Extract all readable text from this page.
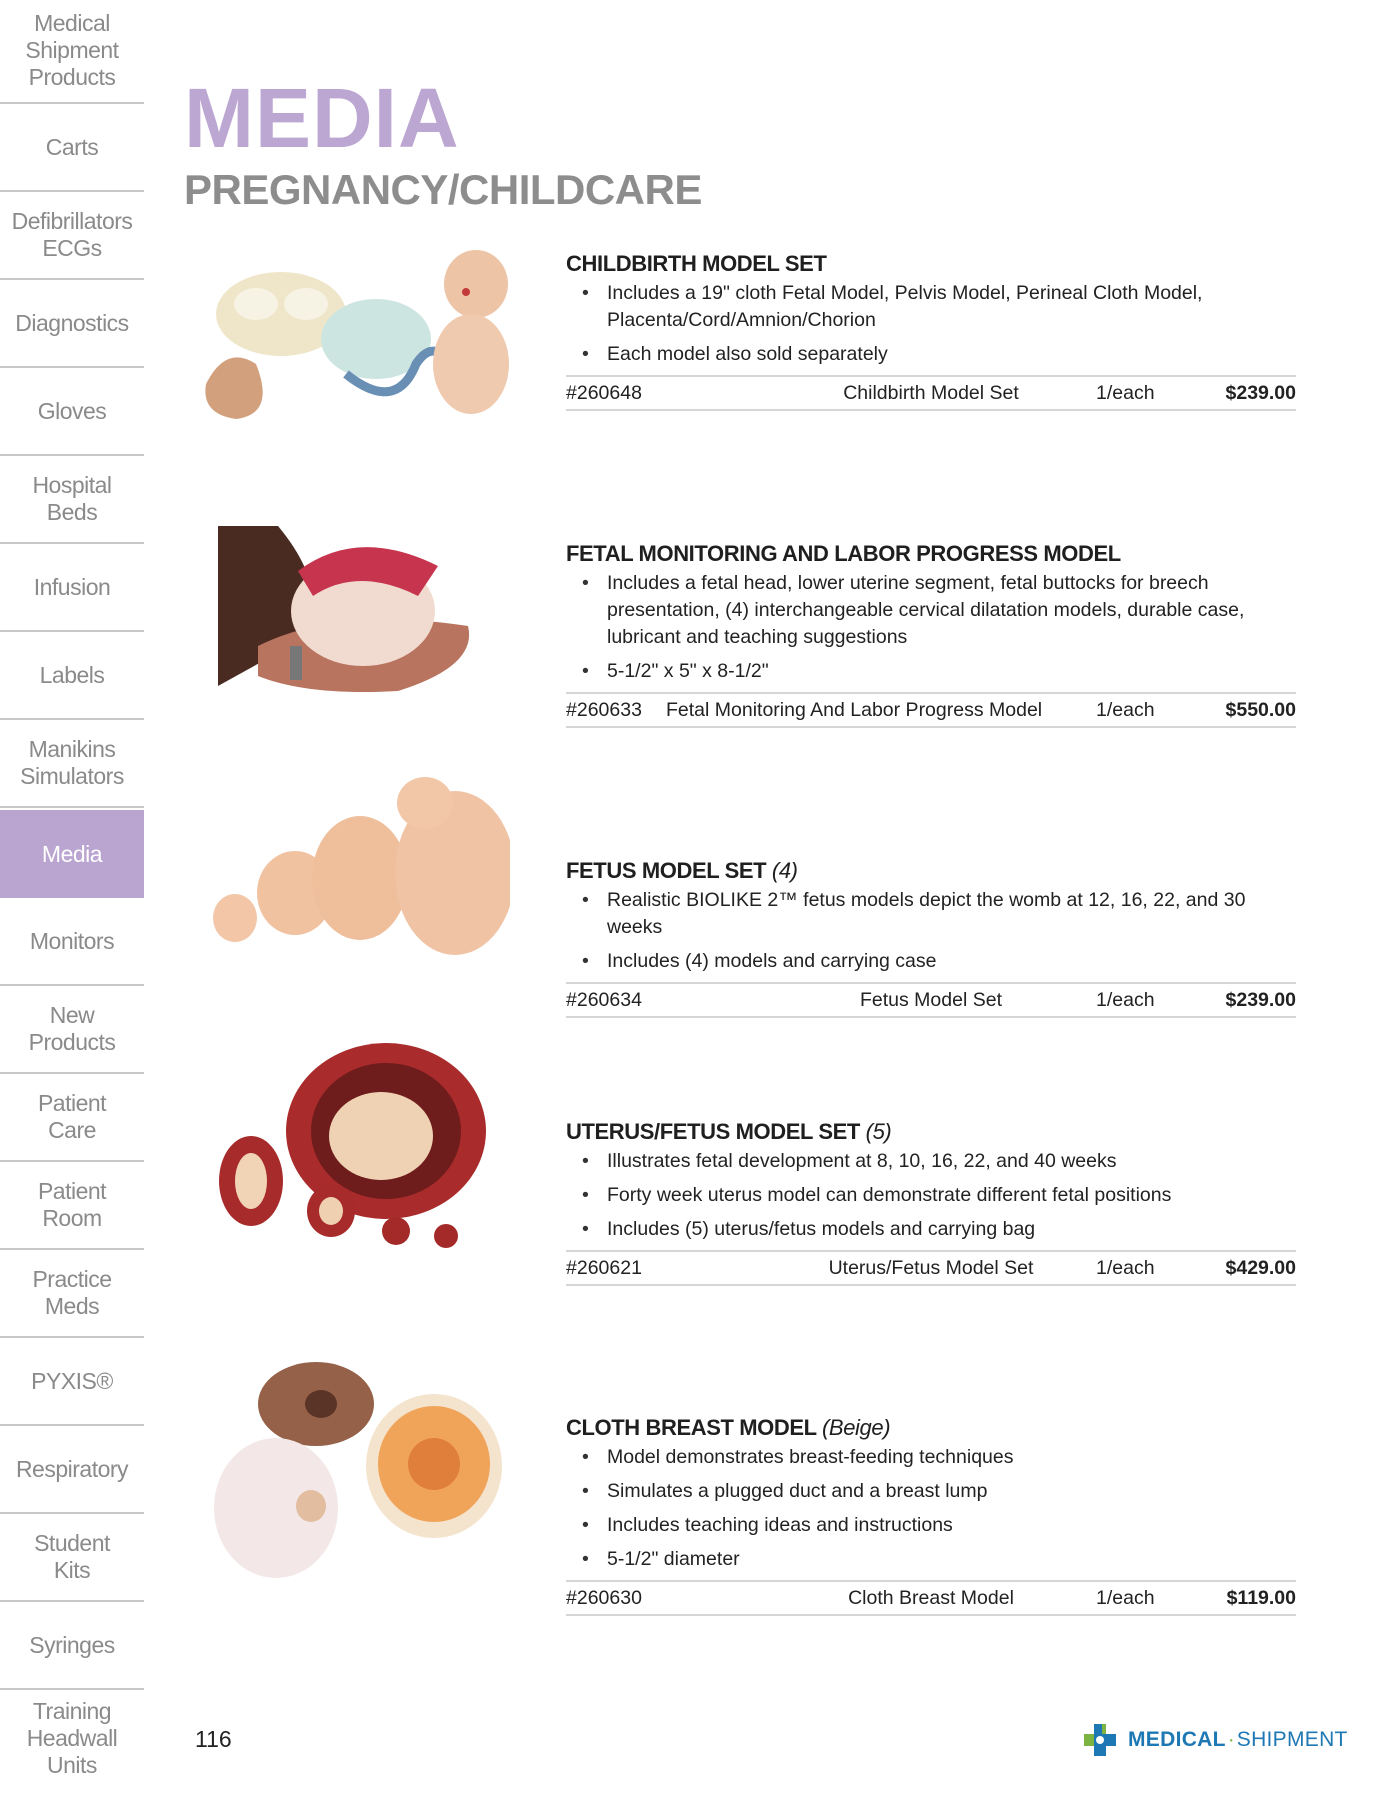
Medical
Shipment
Products
Carts
Defibrillators
ECGs
Diagnostics
Gloves
Hospital
Beds
Infusion
Labels
Manikins
Simulators
Media
Monitors
New
Products
Patient
Care
Patient
Room
Practice
Meds
PYXIS®
Respiratory
Student
Kits
Syringes
Training
Headwall
Units
MEDIA
PREGNANCY/CHILDCARE
CHILDBIRTH MODEL SET
• Includes a 19" cloth Fetal Model, Pelvis Model, Perineal Cloth Model, Placenta/Cord/Amnion/Chorion
• Each model also sold separately
#260648	Childbirth Model Set	1/each	$239.00
FETAL MONITORING AND LABOR PROGRESS MODEL
• Includes a fetal head, lower uterine segment, fetal buttocks for breech presentation, (4) interchangeable cervical dilatation models, durable case, lubricant and teaching suggestions
• 5-1/2" x 5" x 8-1/2"
#260633 Fetal Monitoring And Labor Progress Model	1/each	$550.00
FETUS MODEL SET (4)
• Realistic BIOLIKE 2™ fetus models depict the womb at 12, 16, 22, and 30 weeks
• Includes (4) models and carrying case
#260634	Fetus Model Set	1/each	$239.00
UTERUS/FETUS MODEL SET (5)
• Illustrates fetal development at 8, 10, 16, 22, and 40 weeks
• Forty week uterus model can demonstrate different fetal positions
• Includes (5) uterus/fetus models and carrying bag
#260621	Uterus/Fetus Model Set	1/each	$429.00
CLOTH BREAST MODEL (Beige)
• Model demonstrates breast-feeding techniques
• Simulates a plugged duct and a breast lump
• Includes teaching ideas and instructions
• 5-1/2" diameter
#260630	Cloth Breast Model	1/each	$119.00
116	MEDICAL · SHIPMENT
